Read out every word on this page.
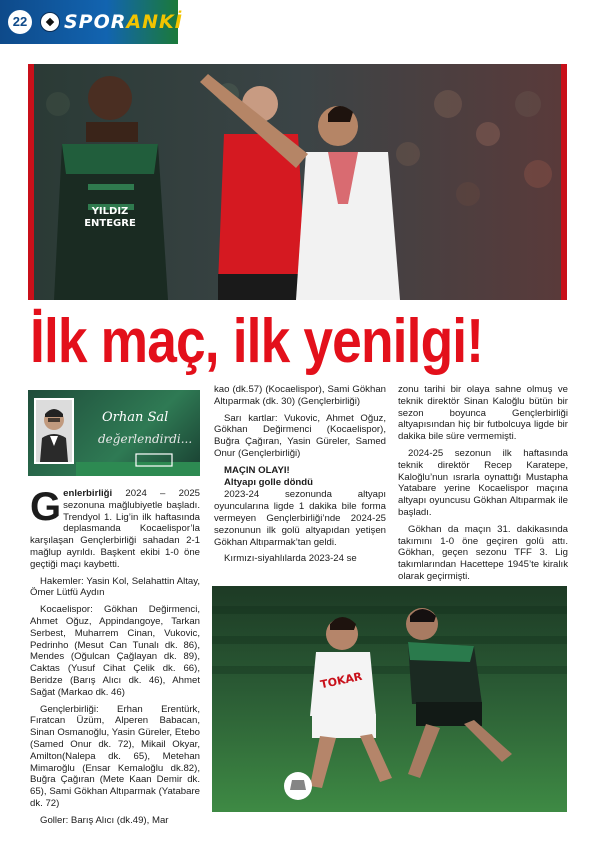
22 SPORANKİ
YILDIZ
ENTEGRE
İlk maç, ilk yenilgi!
Orhan Sal
değerlendirdi...

Genlerbirliği 2024 – 2025 sezonuna mağlubiyetle başladı. Trendyol 1. Lig’in ilk haftasında deplasmanda Kocaelispor’la karşılaşan Gençlerbirliği sahadan 2-1 mağlup ayrıldı. Başkent ekibi 1-0 öne geçtiği maçı kaybetti.

Hakemler: Yasin Kol, Selahattin Altay, Ömer Lütfü Aydın

Kocaelispor: Gökhan Değirmenci, Ahmet Oğuz, Appindangoye, Tarkan Serbest, Muharrem Cinan, Vukovic, Pedrinho (Mesut Can Tunalı dk. 86), Mendes (Oğulcan Çağlayan dk. 89), Caktas (Yusuf Cihat Çelik dk. 66), Beridze (Barış Alıcı dk. 46), Ahmet Sağat (Markao dk. 46)

Gençlerbirliği: Erhan Erentürk, Fıratcan Üzüm, Alperen Babacan, Sinan Osmanoğlu, Yasin Güreler, Etebo (Samed Onur dk. 72), Mikail Okyar, Amilton(Nalepa dk. 65), Metehan Mimaroğlu (Ensar Kemaloğlu dk.82), Buğra Çağıran (Mete Kaan Demir dk. 65), Sami Gökhan Altıparmak (Yatabare dk. 72)

Goller: Barış Alıcı (dk.49), Mar

kao (dk.57) (Kocaelispor), Sami Gökhan Altıparmak (dk. 30) (Gençlerbirliği)

Sarı kartlar: Vukovic, Ahmet Oğuz, Gökhan Değirmenci (Kocaelispor), Buğra Çağıran, Yasin Güreler, Samed Onur (Gençlerbirliği)

MAÇIN OLAYI!

Altyapı golle döndü

2023-24 sezonunda altyapı oyuncularına ligde 1 dakika bile forma vermeyen Gençlerbirliği’nde 2024-25 sezonunun ilk golü altyapıdan yetişen Gökhan Altıparmak’tan geldi.

Kırmızı-siyahlılarda 2023-24 se

zonu tarihi bir olaya sahne olmuş ve teknik direktör Sinan Kaloğlu bütün bir sezon boyunca Gençlerbirliği altyapısından hiç bir futbolcuya ligde bir dakika bile süre vermemişti.

2024-25 sezonun ilk haftasında teknik direktör Recep Karatepe, Kaloğlu’nun ısrarla oynattığı Mustapha Yatabare yerine Kocaelispor maçına altyapı oyuncusu Gökhan Altıparmak ile başladı.

Gökhan da maçın 31. dakikasında takımını 1-0 öne geçiren golü attı. Gökhan, geçen sezonu TFF 3. Lig takımlarından Hacettepe 1945’te kiralık olarak geçirmişti.

TOKAR
